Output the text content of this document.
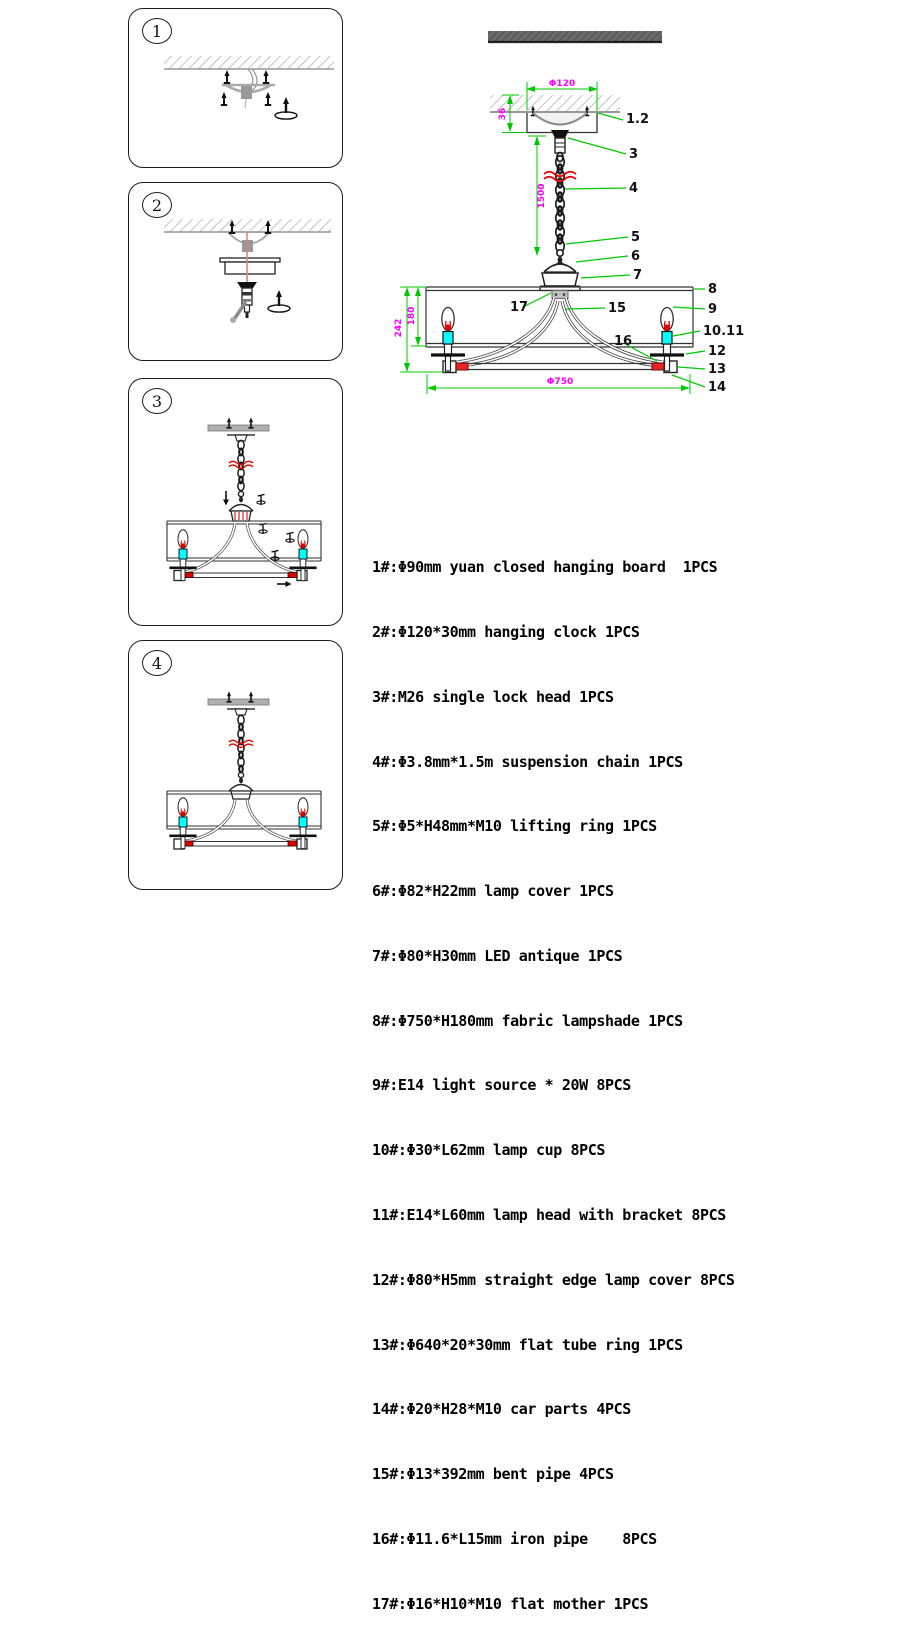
1
2
3
4
Φ120
36
1500
242
180
Φ750
1.2
3
4
5
6
7
8
9
10.11
12
13
14
15
16
17

1#:Φ90mm yuan closed hanging board  1PCS

2#:Φ120*30mm hanging clock 1PCS

3#:M26 single lock head 1PCS

4#:Φ3.8mm*1.5m suspension chain 1PCS

5#:Φ5*H48mm*M10 lifting ring 1PCS

6#:Φ82*H22mm lamp cover 1PCS

7#:Φ80*H30mm LED antique 1PCS

8#:Φ750*H180mm fabric lampshade 1PCS

9#:E14 light source * 20W 8PCS

10#:Φ30*L62mm lamp cup 8PCS

11#:E14*L60mm lamp head with bracket 8PCS

12#:Φ80*H5mm straight edge lamp cover 8PCS

13#:Φ640*20*30mm flat tube ring 1PCS

14#:Φ20*H28*M10 car parts 4PCS

15#:Φ13*392mm bent pipe 4PCS

16#:Φ11.6*L15mm iron pipe    8PCS

17#:Φ16*H10*M10 flat mother 1PCS
